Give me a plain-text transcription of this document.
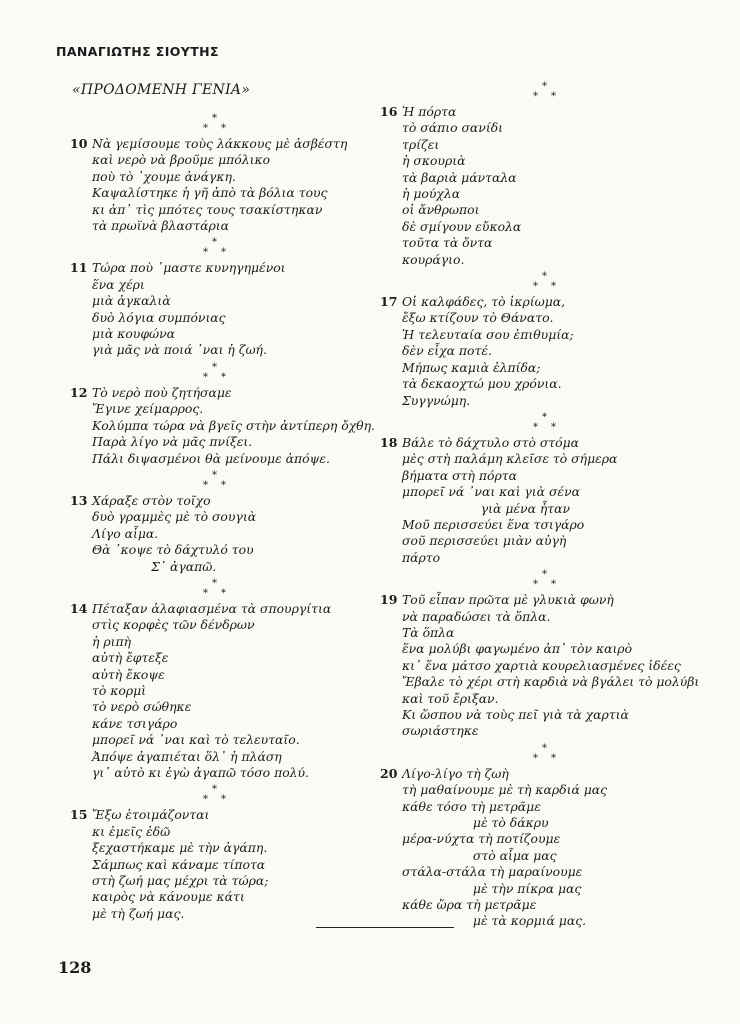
ΠΑΝΑΓΙΩΤΗΣ ΣΙΟΥΤΗΣ
«ΠΡΟΔΟΜΕΝΗ ΓΕΝΙΑ»
*
* *
10 Νὰ γεμίσουμε τοὺς λάκκους μὲ ἀσβέστη
καὶ νερὸ νὰ βροῦμε μπόλικο
ποὺ τὸ ᾿χουμε ἀνάγκη.
Καψαλίστηκε ἡ γῆ ἀπὸ τὰ βόλια τους
κι ἀπ᾿ τὶς μπότες τους τσακίστηκαν
τὰ πρωϊνὰ βλαστάρια
*
* *
11 Τώρα ποὺ ᾿μαστε κυνηγημένοι
ἕνα χέρι
μιὰ ἀγκαλιὰ
δυὸ λόγια συμπόνιας
μιὰ κουφώνα
γιὰ μᾶς νὰ ποιά ᾿ναι ἡ ζωή.
*
* *
12 Τὸ νερὸ ποὺ ζητήσαμε
Ἔγινε χείμαρρος.
Κολύμπα τώρα νὰ βγεῖς στὴν ἀντίπερη ὄχθη.
Παρὰ λίγο νὰ μᾶς πνίξει.
Πάλι διψασμένοι θὰ μείνουμε ἀπόψε.
*
* *
13 Χάραξε στὸν τοῖχο
δυὸ γραμμὲς μὲ τὸ σουγιὰ
Λίγο αἷμα.
Θὰ ᾿κοψε τὸ δάχτυλό του
Σ᾿ ἀγαπῶ.
*
* *
14 Πέταξαν ἀλαφιασμένα τὰ σπουργίτια
στὶς κορφὲς τῶν δένδρων
ἡ ριπὴ
αὐτὴ ἔφτεξε
αὐτὴ ἔκοψε
τὸ κορμὶ
τὸ νερὸ σώθηκε
κάνε τσιγάρο
μπορεῖ νά ᾿ναι καὶ τὸ τελευταῖο.
Ἀπόψε ἀγαπιέται ὅλ᾿ ἡ πλάση
γι᾿ αὐτὸ κι ἐγὼ ἀγαπῶ τόσο πολύ.
*
* *
15 Ἔξω ἑτοιμάζονται
κι ἐμεῖς ἐδῶ
ξεχαστήκαμε μὲ τὴν ἀγάπη.
Σάμπως καὶ κάναμε τίποτα
στὴ ζωή μας μέχρι τὰ τώρα;
καιρὸς νὰ κάνουμε κάτι
μὲ τὴ ζωή μας.
*
* *
16 Ἡ πόρτα
τὸ σάπιο σανίδι
τρίζει
ἡ σκουριὰ
τὰ βαριὰ μάνταλα
ἡ μούχλα
οἱ ἄνθρωποι
δὲ σμίγουν εὔκολα
τοῦτα τὰ ὄντα
κουράγιο.
*
* *
17 Οἱ καλφάδες, τὸ ἰκρίωμα,
ἔξω κτίζουν τὸ Θάνατο.
Ἡ τελευταία σου ἐπιθυμία;
δὲν εἶχα ποτέ.
Μήπως καμιὰ ἐλπίδα;
τὰ δεκαοχτώ μου χρόνια.
Συγγνώμη.
*
* *
18 Βάλε τὸ δάχτυλο στὸ στόμα
μὲς στὴ παλάμη κλεῖσε τὸ σήμερα
βήματα στὴ πόρτα
μπορεῖ νά ᾿ναι καὶ γιὰ σένα
γιὰ μένα ἦταν
Μοῦ περισσεύει ἕνα τσιγάρο
σοῦ περισσεύει μιὰν αὐγὴ
πάρτο
*
* *
19 Τοῦ εἶπαν πρῶτα μὲ γλυκιὰ φωνὴ
νὰ παραδώσει τὰ ὅπλα.
Τὰ ὅπλα
ἕνα μολύβι φαγωμένο ἀπ᾿ τὸν καιρὸ
κι᾿ ἕνα μάτσο χαρτιὰ κουρελιασμένες ἰδέες
Ἔβαλε τὸ χέρι στὴ καρδιὰ νὰ βγάλει τὸ μολύβι
καὶ τοῦ ἔριξαν.
Κι ὥσπου νὰ τοὺς πεῖ γιὰ τὰ χαρτιὰ
σωριάστηκε
*
* *
20 Λίγο-λίγο τὴ ζωὴ
τὴ μαθαίνουμε μὲ τὴ καρδιά μας
κάθε τόσο τὴ μετρᾶμε
μὲ τὸ δάκρυ
μέρα-νύχτα τὴ ποτίζουμε
στὸ αἷμα μας
στάλα-στάλα τὴ μαραίνουμε
μὲ τὴν πίκρα μας
κάθε ὥρα τὴ μετρᾶμε
μὲ τὰ κορμιά μας.
128
